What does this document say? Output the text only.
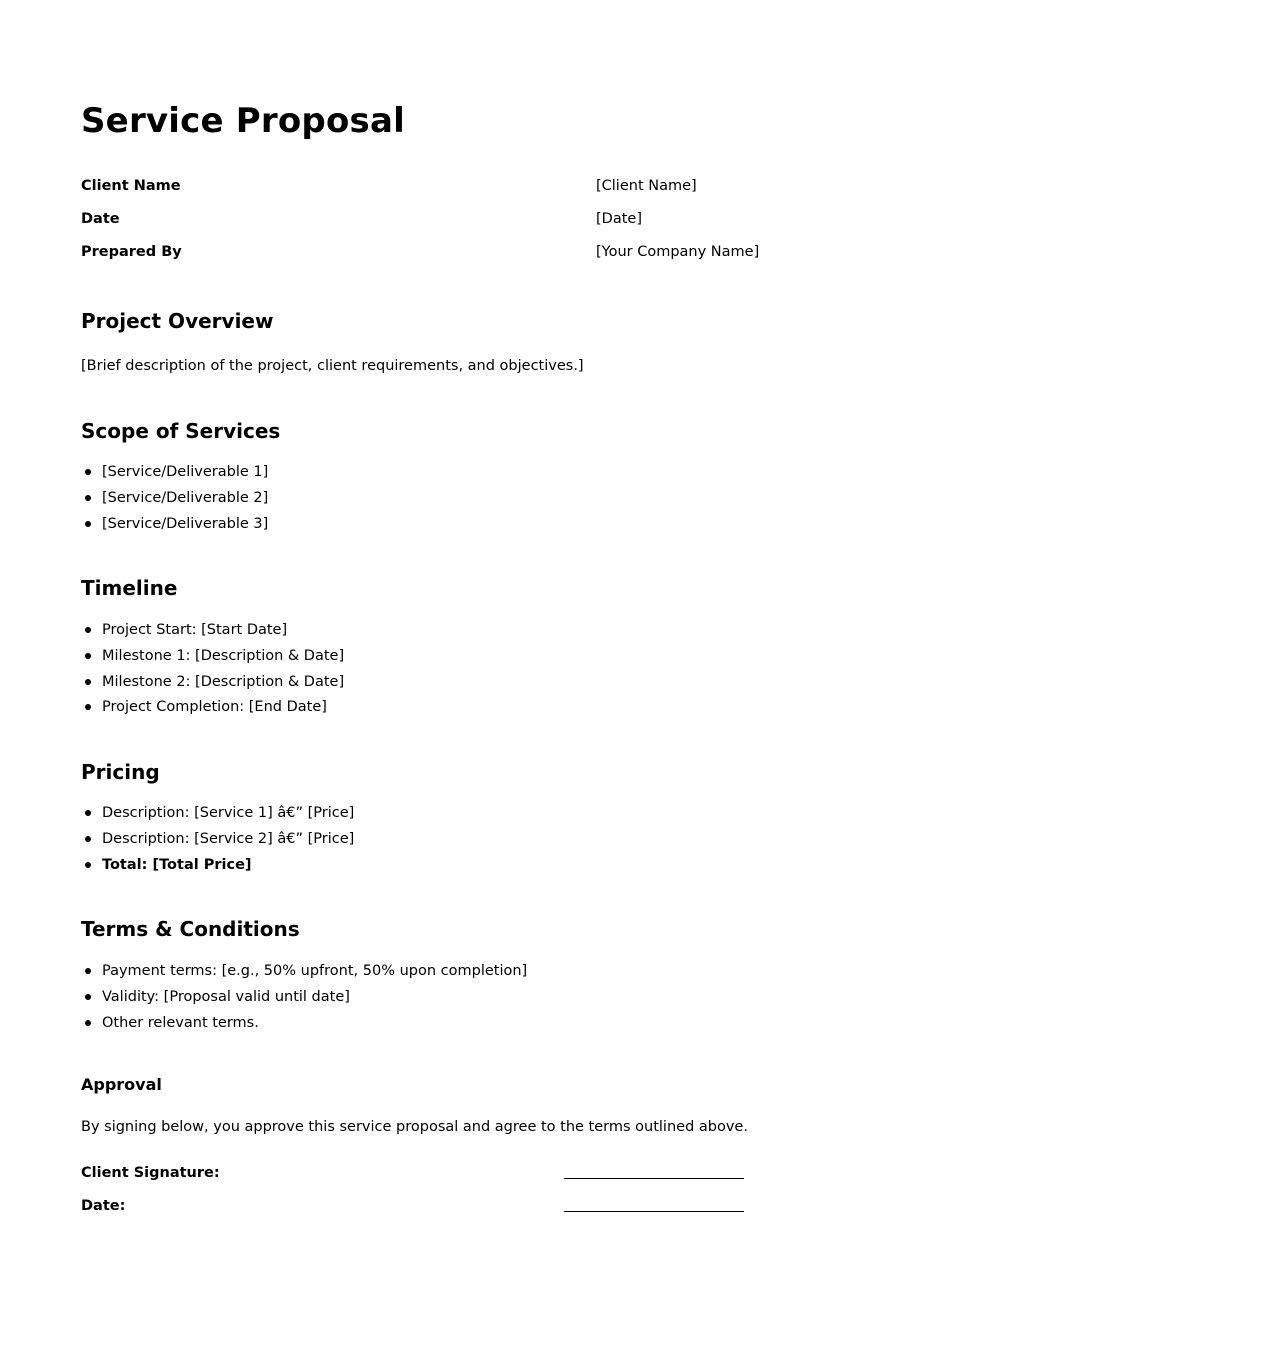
Service Proposal
Client Name	[Client Name]
Date	[Date]
Prepared By	[Your Company Name]
Project Overview

[Brief description of the project, client requirements, and objectives.]

Scope of Services
[Service/Deliverable 1]
[Service/Deliverable 2]
[Service/Deliverable 3]
Timeline
Project Start: [Start Date]
Milestone 1: [Description & Date]
Milestone 2: [Description & Date]
Project Completion: [End Date]
Pricing
Description: [Service 1] â€” [Price]
Description: [Service 2] â€” [Price]
Total: [Total Price]
Terms & Conditions
Payment terms: [e.g., 50% upfront, 50% upon completion]
Validity: [Proposal valid until date]
Other relevant terms.
Approval

By signing below, you approve this service proposal and agree to the terms outlined above.

Client Signature:
Date:
